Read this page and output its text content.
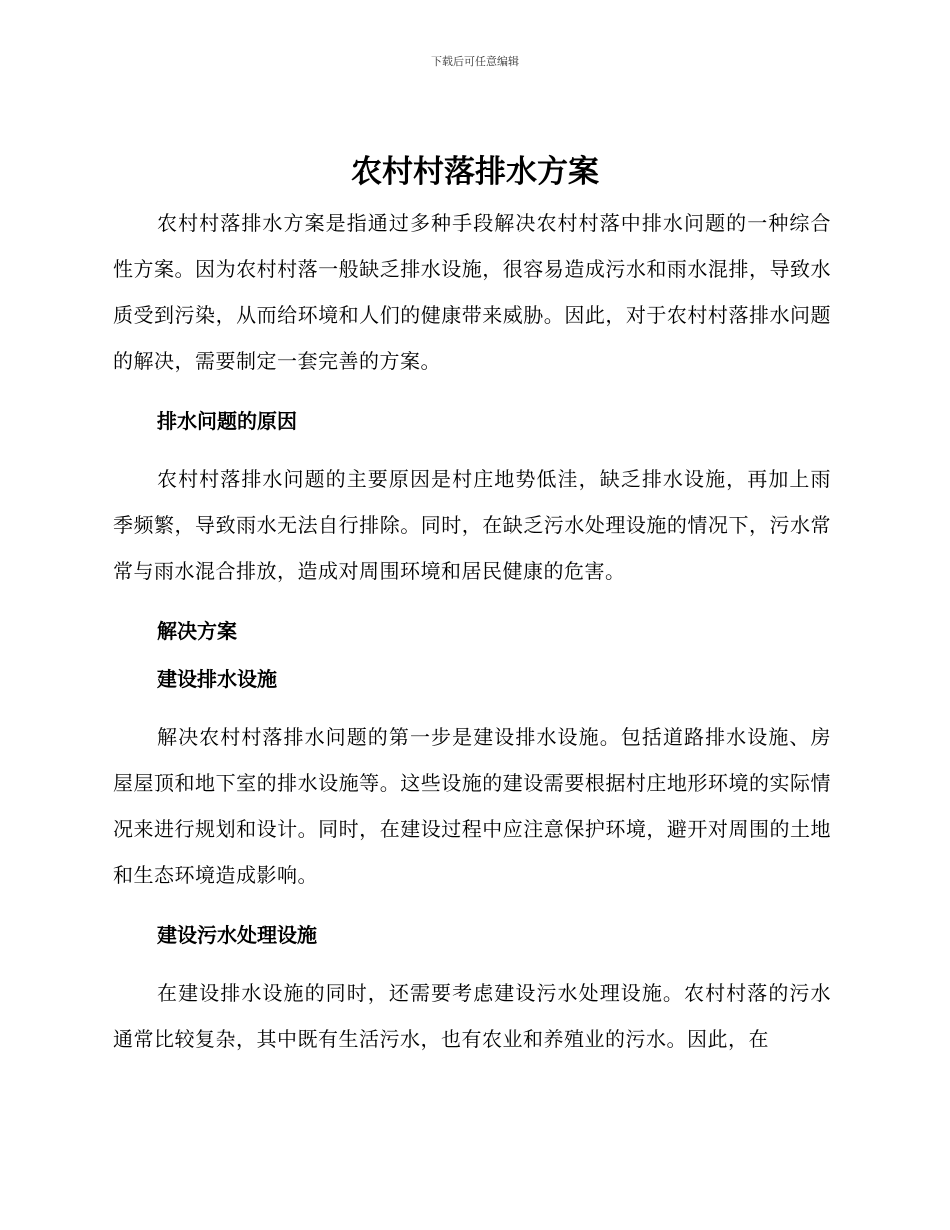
下载后可任意编辑
农村村落排水方案

农村村落排水方案是指通过多种手段解决农村村落中排水问题的一种综合性方案。因为农村村落一般缺乏排水设施，很容易造成污水和雨水混排，导致水质受到污染，从而给环境和人们的健康带来威胁。因此，对于农村村落排水问题的解决，需要制定一套完善的方案。

排水问题的原因

农村村落排水问题的主要原因是村庄地势低洼，缺乏排水设施，再加上雨季频繁，导致雨水无法自行排除。同时，在缺乏污水处理设施的情况下，污水常常与雨水混合排放，造成对周围环境和居民健康的危害。

解决方案
建设排水设施

解决农村村落排水问题的第一步是建设排水设施。包括道路排水设施、房屋屋顶和地下室的排水设施等。这些设施的建设需要根据村庄地形环境的实际情况来进行规划和设计。同时，在建设过程中应注意保护环境，避开对周围的土地和生态环境造成影响。

建设污水处理设施

在建设排水设施的同时，还需要考虑建设污水处理设施。农村村落的污水通常比较复杂，其中既有生活污水，也有农业和养殖业的污水。因此，在
